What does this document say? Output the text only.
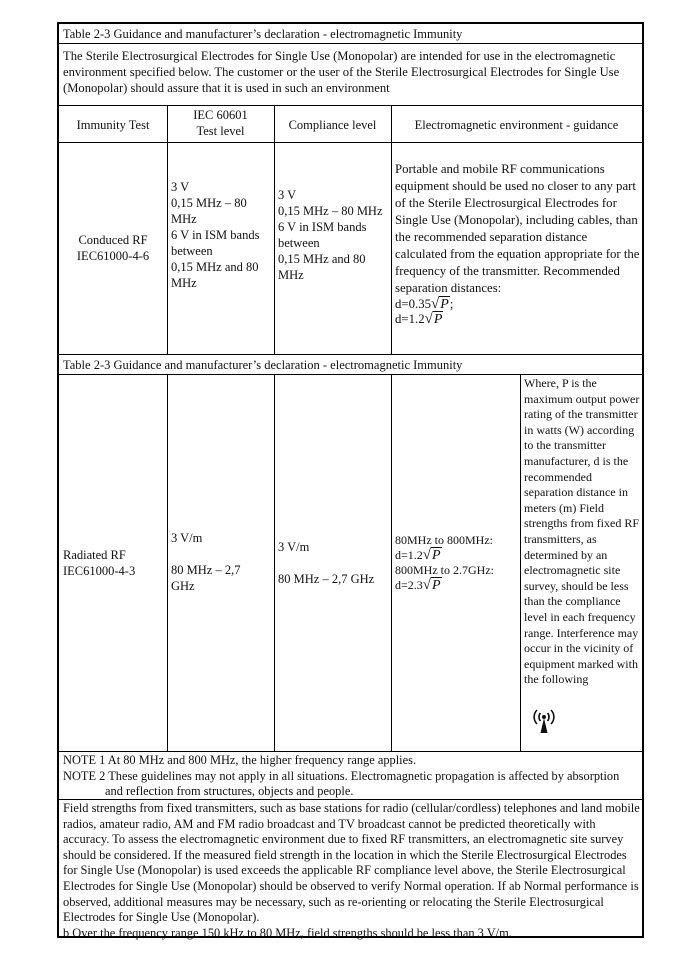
Table 2-3 Guidance and manufacturer’s declaration - electromagnetic Immunity

The Sterile Electrosurgical Electrodes for Single Use (Monopolar) are intended for use in the electromagnetic environment specified below. The customer or the user of the Sterile Electrosurgical Electrodes for Single Use (Monopolar) should assure that it is used in such an environment

Immunity Test
IEC 60601
Test level	Compliance level	Electromagnetic environment - guidance
Conduced RF
IEC61000-4-6
3 V
0,15 MHz – 80
MHz
6 V in ISM bands
between
0,15 MHz and 80
MHz
3 V
0,15 MHz – 80 MHz
6 V in ISM bands
between
0,15 MHz and 80
MHz

Portable and mobile RF communications equipment should be used no closer to any part of the Sterile Electrosurgical Electrodes for Single Use (Monopolar), including cables, than the recommended separation distance calculated from the equation appropriate for the frequency of the transmitter. Recommended separation distances:

d=0.35√P;
d=1.2√P

Table 2-3 Guidance and manufacturer’s declaration - electromagnetic Immunity

Radiated RF
IEC61000-4-3
3 V/m
80 MHz – 2,7
GHz
3 V/m
80 MHz – 2,7 GHz
80MHz to 800MHz:
d=1.2√P
800MHz to 2.7GHz:
d=2.3√P

Where, P is the maximum output power rating of the transmitter in watts (W) according to the transmitter manufacturer, d is the recommended separation distance in meters (m) Field strengths from fixed RF transmitters, as determined by an electromagnetic site survey, should be less than the compliance level in each frequency range. Interference may occur in the vicinity of equipment marked with the following

NOTE 1 At 80 MHz and 800 MHz, the higher frequency range applies.
NOTE 2 These guidelines may not apply in all situations. Electromagnetic propagation is affected by absorption and reflection from structures, objects and people.

Field strengths from fixed transmitters, such as base stations for radio (cellular/cordless) telephones and land mobile radios, amateur radio, AM and FM radio broadcast and TV broadcast cannot be predicted theoretically with accuracy. To assess the electromagnetic environment due to fixed RF transmitters, an electromagnetic site survey should be considered. If the measured field strength in the location in which the Sterile Electrosurgical Electrodes for Single Use (Monopolar) is used exceeds the applicable RF compliance level above, the Sterile Electrosurgical Electrodes for Single Use (Monopolar) should be observed to verify Normal operation. If ab Normal performance is observed, additional measures may be necessary, such as re-orienting or relocating the Sterile Electrosurgical Electrodes for Single Use (Monopolar).

b Over the frequency range 150 kHz to 80 MHz, field strengths should be less than 3 V/m.
